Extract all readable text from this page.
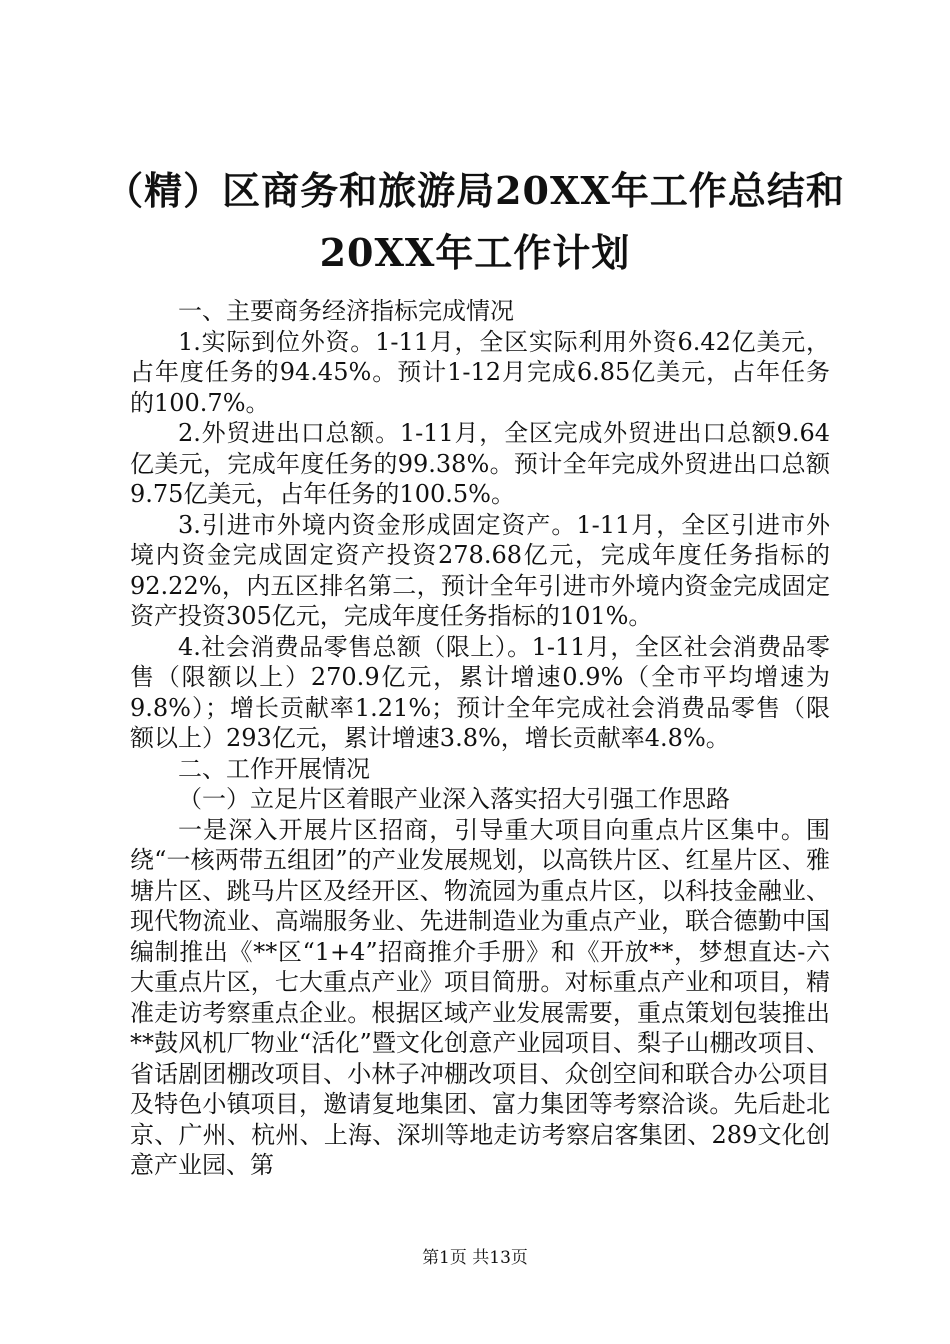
（精）区商务和旅游局20XX年工作总结和
20XX年工作计划

一、主要商务经济指标完成情况

1.实际到位外资。1-11月，全区实际利用外资6.42亿美元，占年度任务的94.45%。预计1-12月完成6.85亿美元，占年任务的100.7%。

2.外贸进出口总额。1-11月，全区完成外贸进出口总额9.64亿美元，完成年度任务的99.38%。预计全年完成外贸进出口总额9.75亿美元，占年任务的100.5%。

3.引进市外境内资金形成固定资产。1-11月，全区引进市外境内资金完成固定资产投资278.68亿元，完成年度任务指标的92.22%，内五区排名第二，预计全年引进市外境内资金完成固定资产投资305亿元，完成年度任务指标的101%。

4.社会消费品零售总额（限上）。1-11月，全区社会消费品零售（限额以上）270.9亿元，累计增速0.9%（全市平均增速为9.8%）；增长贡献率1.21%；预计全年完成社会消费品零售（限额以上）293亿元，累计增速3.8%，增长贡献率4.8%。

二、工作开展情况

（一）立足片区着眼产业深入落实招大引强工作思路

一是深入开展片区招商，引导重大项目向重点片区集中。围绕“一核两带五组团”的产业发展规划，以高铁片区、红星片区、雅塘片区、跳马片区及经开区、物流园为重点片区，以科技金融业、现代物流业、高端服务业、先进制造业为重点产业，联合德勤中国编制推出《**区“1+4”招商推介手册》和《开放**，梦想直达-六大重点片区，七大重点产业》项目简册。对标重点产业和项目，精准走访考察重点企业。根据区域产业发展需要，重点策划包装推出**鼓风机厂物业“活化”暨文化创意产业园项目、梨子山棚改项目、省话剧团棚改项目、小林子冲棚改项目、众创空间和联合办公项目及特色小镇项目，邀请复地集团、富力集团等考察洽谈。先后赴北京、广州、杭州、上海、深圳等地走访考察启客集团、289文化创意产业园、第

第1页 共13页
